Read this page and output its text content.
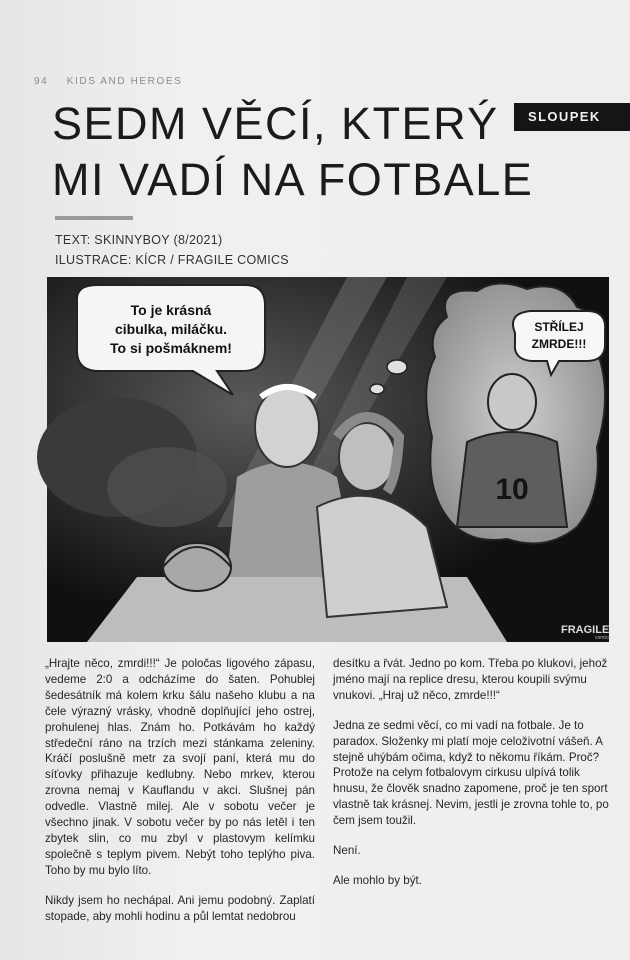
94 KIDS AND HEROES
SLOUPEK
SEDM VĚCÍ, KTERÝ
MI VADÍ NA FOTBALE
TEXT: SKINNYBOY (8/2021)
ILUSTRACE: KÍCR / FRAGILE COMICS
To je krásná
cibulka, miláčku.
To si pošmáknem!
10
STŘÍLEJ
ZMRDE!!!
FRAGILE
comics

„Hrajte něco, zmrdi!!!“ Je poločas ligového zápasu, vedeme 2:0 a odcházíme do šaten. Pohublej šedesátník má kolem krku šálu našeho klubu a na čele výrazný vrásky, vhodně doplňující jeho ostrej, prohulenej hlas. Znám ho. Potkávám ho každý středeční ráno na trzích mezi stánkama zeleniny. Kráčí poslušně metr za svojí paní, která mu do síťovky přihazuje kedlubny. Nebo mrkev, kterou zrovna nemaj v Kauflandu v akci. Slušnej pán odvedle. Vlastně milej. Ale v sobotu večer je všechno jinak. V sobotu večer by po nás letěl i ten zbytek slin, co mu zbyl v plastovym kelímku společně s teplym pivem. Nebýt toho teplýho piva. Toho by mu bylo líto.

Nikdy jsem ho nechápal. Ani jemu podobný. Zaplatí stopade, aby mohli hodinu a půl lemtat nedobrou

desítku a řvát. Jedno po kom. Třeba po klukovi, jehož jméno mají na replice dresu, kterou koupili svýmu vnukovi. „Hraj už něco, zmrde!!!“

Jedna ze sedmi věcí, co mi vadí na fotbale. Je to paradox. Složenky mi platí moje celoživotní vášeň. A stejně uhýbám očima, když to někomu říkám. Proč? Protože na celym fotbalovym cirkusu ulpívá tolik hnusu, že člověk snadno zapomene, proč je ten sport vlastně tak krásnej. Nevim, jestli je zrovna tohle to, po čem jsem toužil.

Není.

Ale mohlo by být.
